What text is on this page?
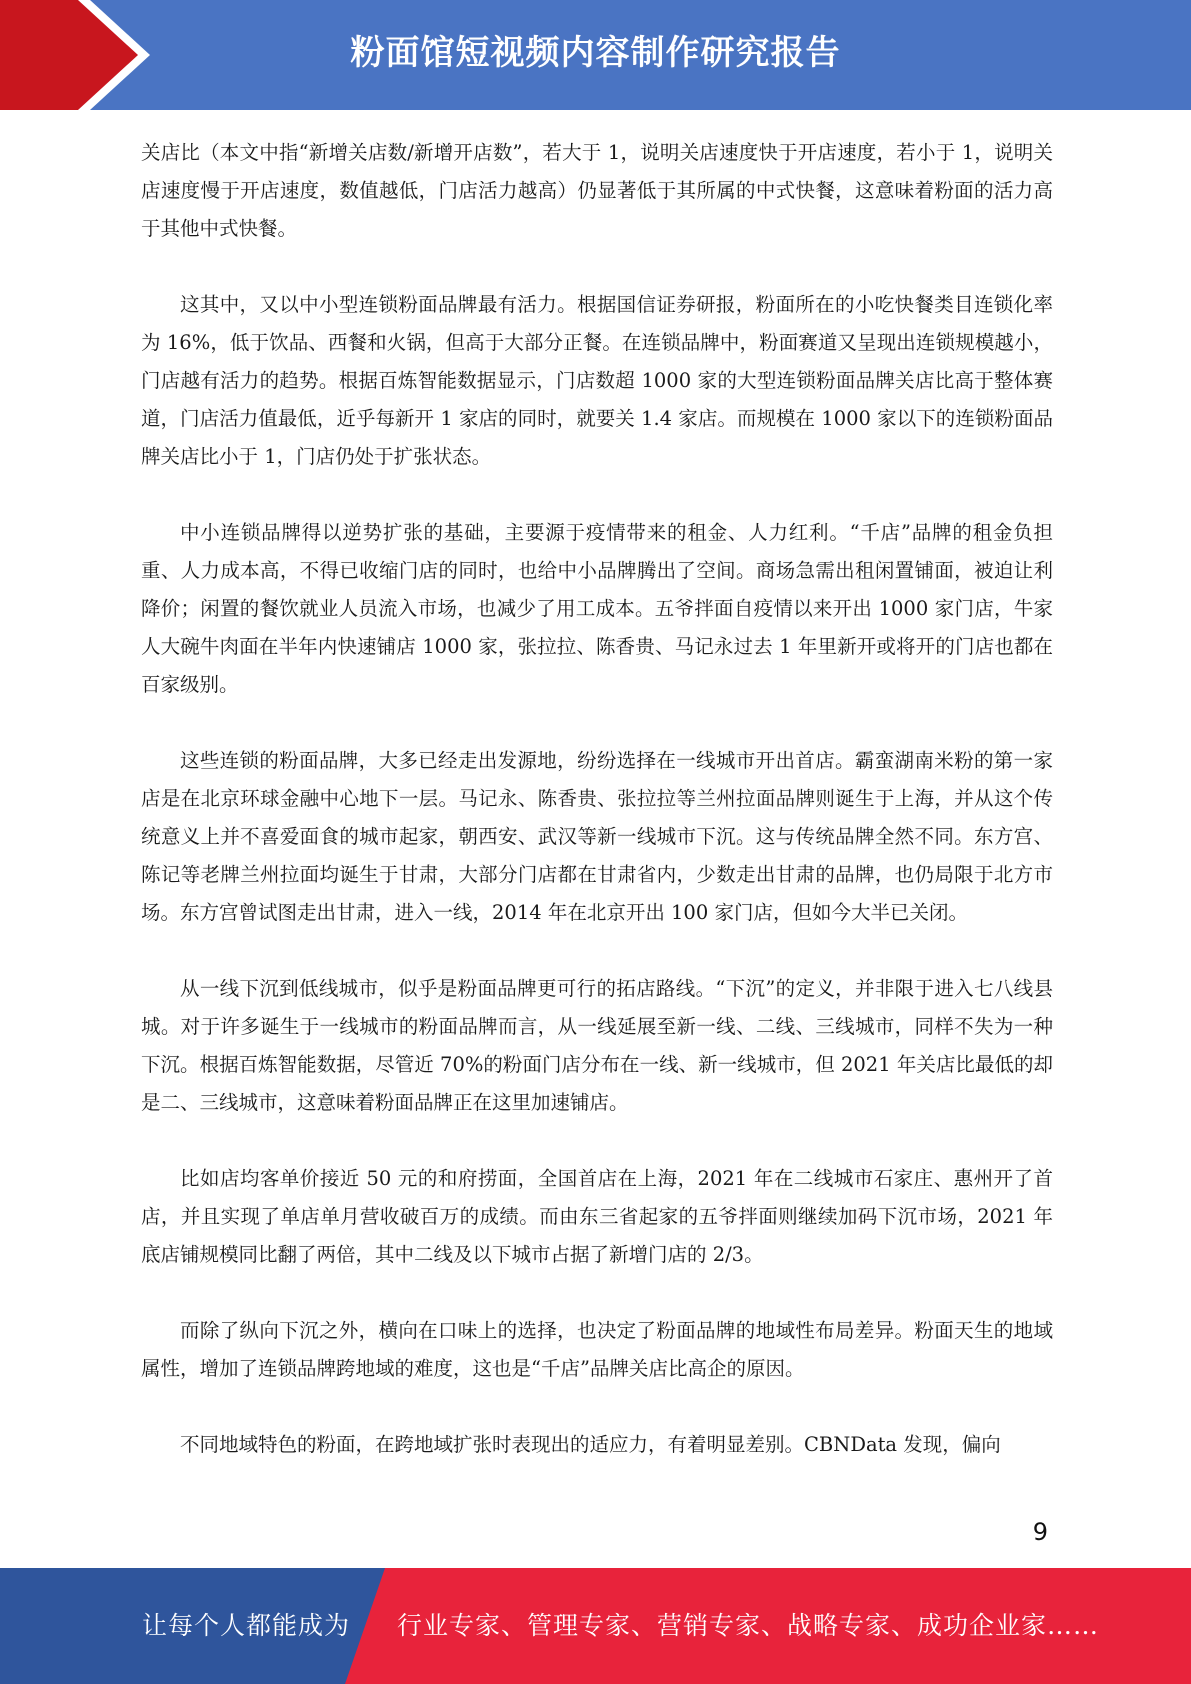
粉面馆短视频内容制作研究报告

关店比（本文中指“新增关店数/新增开店数”，若大于 1，说明关店速度快于开店速度，若小于 1，说明关店速度慢于开店速度，数值越低，门店活力越高）仍显著低于其所属的中式快餐，这意味着粉面的活力高于其他中式快餐。

这其中，又以中小型连锁粉面品牌最有活力。根据国信证券研报，粉面所在的小吃快餐类目连锁化率为 16%，低于饮品、西餐和火锅，但高于大部分正餐。在连锁品牌中，粉面赛道又呈现出连锁规模越小，门店越有活力的趋势。根据百炼智能数据显示，门店数超 1000 家的大型连锁粉面品牌关店比高于整体赛道，门店活力值最低，近乎每新开 1 家店的同时，就要关 1.4 家店。而规模在 1000 家以下的连锁粉面品牌关店比小于 1，门店仍处于扩张状态。

中小连锁品牌得以逆势扩张的基础，主要源于疫情带来的租金、人力红利。“千店”品牌的租金负担重、人力成本高，不得已收缩门店的同时，也给中小品牌腾出了空间。商场急需出租闲置铺面，被迫让利降价；闲置的餐饮就业人员流入市场，也减少了用工成本。五爷拌面自疫情以来开出 1000 家门店，牛家人大碗牛肉面在半年内快速铺店 1000 家，张拉拉、陈香贵、马记永过去 1 年里新开或将开的门店也都在百家级别。

这些连锁的粉面品牌，大多已经走出发源地，纷纷选择在一线城市开出首店。霸蛮湖南米粉的第一家店是在北京环球金融中心地下一层。马记永、陈香贵、张拉拉等兰州拉面品牌则诞生于上海，并从这个传统意义上并不喜爱面食的城市起家，朝西安、武汉等新一线城市下沉。这与传统品牌全然不同。东方宫、陈记等老牌兰州拉面均诞生于甘肃，大部分门店都在甘肃省内，少数走出甘肃的品牌，也仍局限于北方市场。东方宫曾试图走出甘肃，进入一线，2014 年在北京开出 100 家门店，但如今大半已关闭。

从一线下沉到低线城市，似乎是粉面品牌更可行的拓店路线。“下沉”的定义，并非限于进入七八线县城。对于许多诞生于一线城市的粉面品牌而言，从一线延展至新一线、二线、三线城市，同样不失为一种下沉。根据百炼智能数据，尽管近 70%的粉面门店分布在一线、新一线城市，但 2021 年关店比最低的却是二、三线城市，这意味着粉面品牌正在这里加速铺店。

比如店均客单价接近 50 元的和府捞面，全国首店在上海，2021 年在二线城市石家庄、惠州开了首店，并且实现了单店单月营收破百万的成绩。而由东三省起家的五爷拌面则继续加码下沉市场，2021 年底店铺规模同比翻了两倍，其中二线及以下城市占据了新增门店的 2/3。

而除了纵向下沉之外，横向在口味上的选择，也决定了粉面品牌的地域性布局差异。粉面天生的地域属性，增加了连锁品牌跨地域的难度，这也是“千店”品牌关店比高企的原因。

不同地域特色的粉面，在跨地域扩张时表现出的适应力，有着明显差别。CBNData 发现，偏向

9
让每个人都能成为 行业专家、管理专家、营销专家、战略专家、成功企业家……
